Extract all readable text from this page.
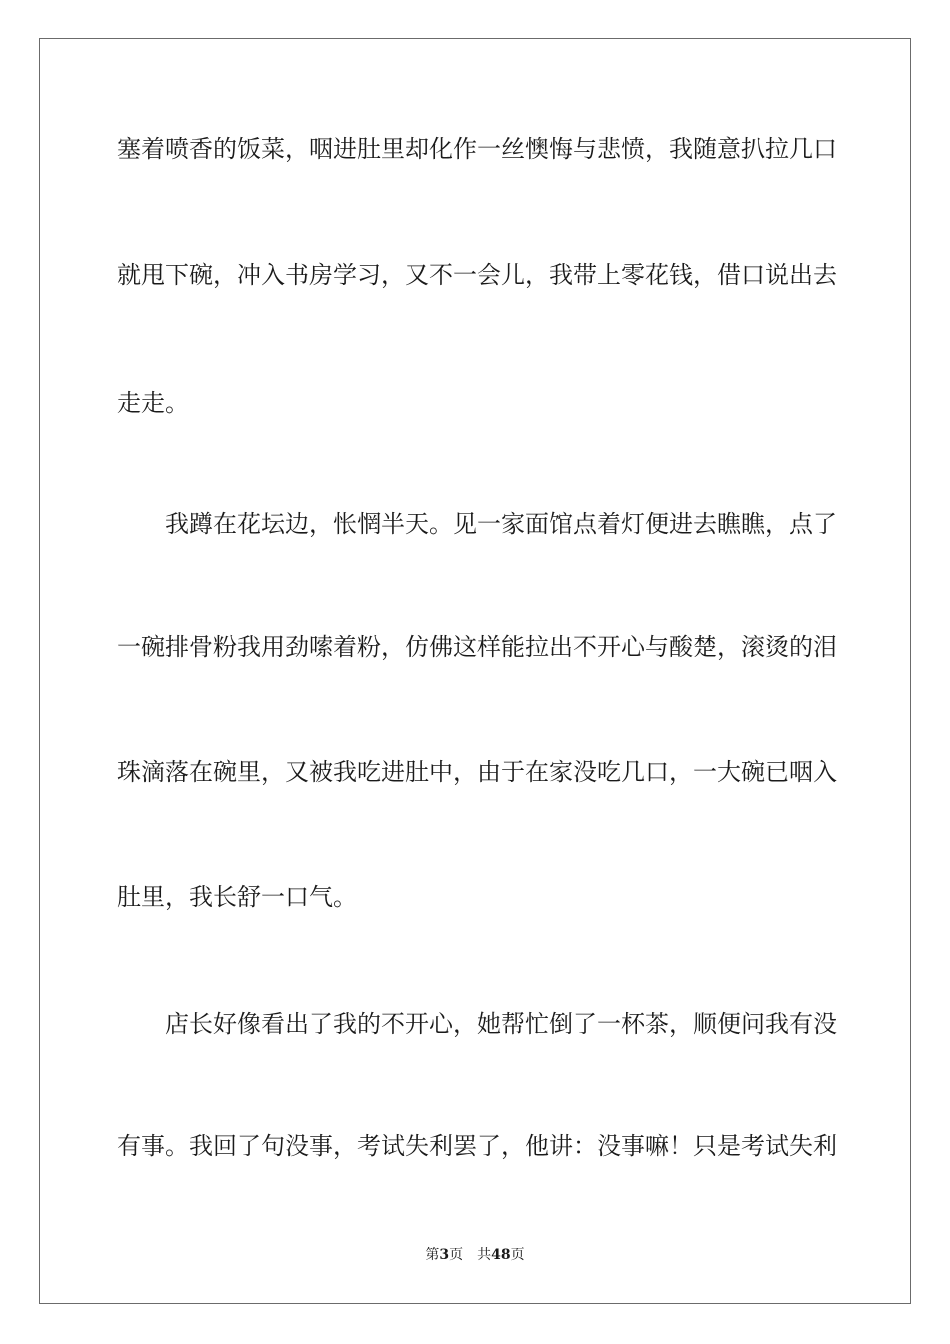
塞着喷香的饭菜，咽进肚里却化作一丝懊悔与悲愤，我随意扒拉几口
就甩下碗，冲入书房学习，又不一会儿，我带上零花钱，借口说出去
走走。
我蹲在花坛边，怅惘半天。见一家面馆点着灯便进去瞧瞧，点了
一碗排骨粉我用劲嗦着粉，仿佛这样能拉出不开心与酸楚，滚烫的泪
珠滴落在碗里，又被我吃进肚中，由于在家没吃几口，一大碗已咽入
肚里，我长舒一口气。
店长好像看出了我的不开心，她帮忙倒了一杯茶，顺便问我有没
有事。我回了句没事，考试失利罢了，他讲：没事嘛！只是考试失利
第3页 共48页
